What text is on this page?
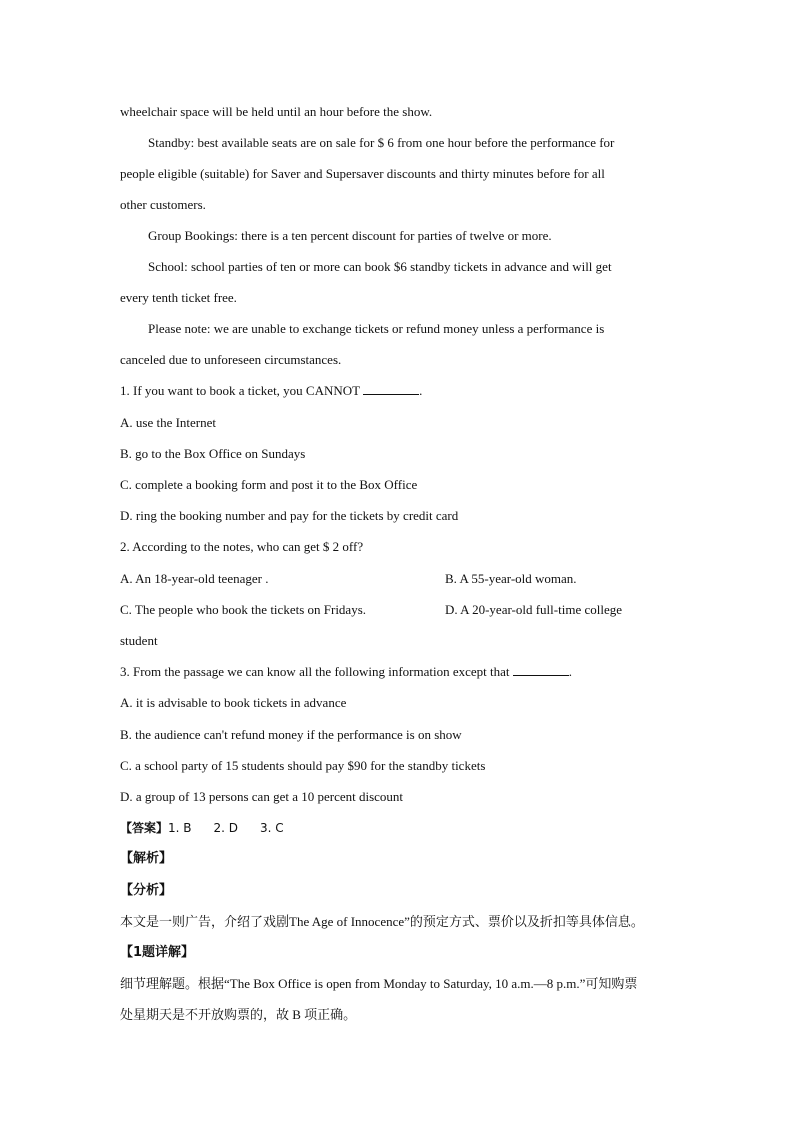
wheelchair space will be held until an hour before the show.
Standby: best available seats are on sale for $ 6 from one hour before the performance for
people eligible (suitable) for Saver and Supersaver discounts and thirty minutes before for all
other customers.
Group Bookings: there is a ten percent discount for parties of twelve or more.
School: school parties of ten or more can book $6 standby tickets in advance and will get
every tenth ticket free.
Please note: we are unable to exchange tickets or refund money unless a performance is
canceled due to unforeseen circumstances.
1. If you want to book a ticket, you CANNOT	.
A. use the Internet
B. go to the Box Office on Sundays
C. complete a booking form and post it to the Box Office
D. ring the booking number and pay for the tickets by credit card
2. According to the notes, who can get $ 2 off?
A. An 18-year-old teenager .	B. A 55-year-old woman.
C. The people who book the tickets on Fridays.	D. A 20-year-old full-time college
student
3. From the passage we can know all the following information except that	.
A. it is advisable to book tickets in advance
B. the audience can't refund money if the performance is on show
C. a school party of 15 students should pay $90 for the standby tickets
D. a group of 13 persons can get a 10 percent discount
【答案】1. B 2. D 3. C
【解析】
【分析】
本文是一则广告，介绍了戏剧The Age of Innocence”的预定方式、票价以及折扣等具体信息。
【1题详解】
细节理解题。根据“The Box Office is open from Monday to Saturday, 10 a.m.—8 p.m.”可知购票
处星期天是不开放购票的，故 B 项正确。
